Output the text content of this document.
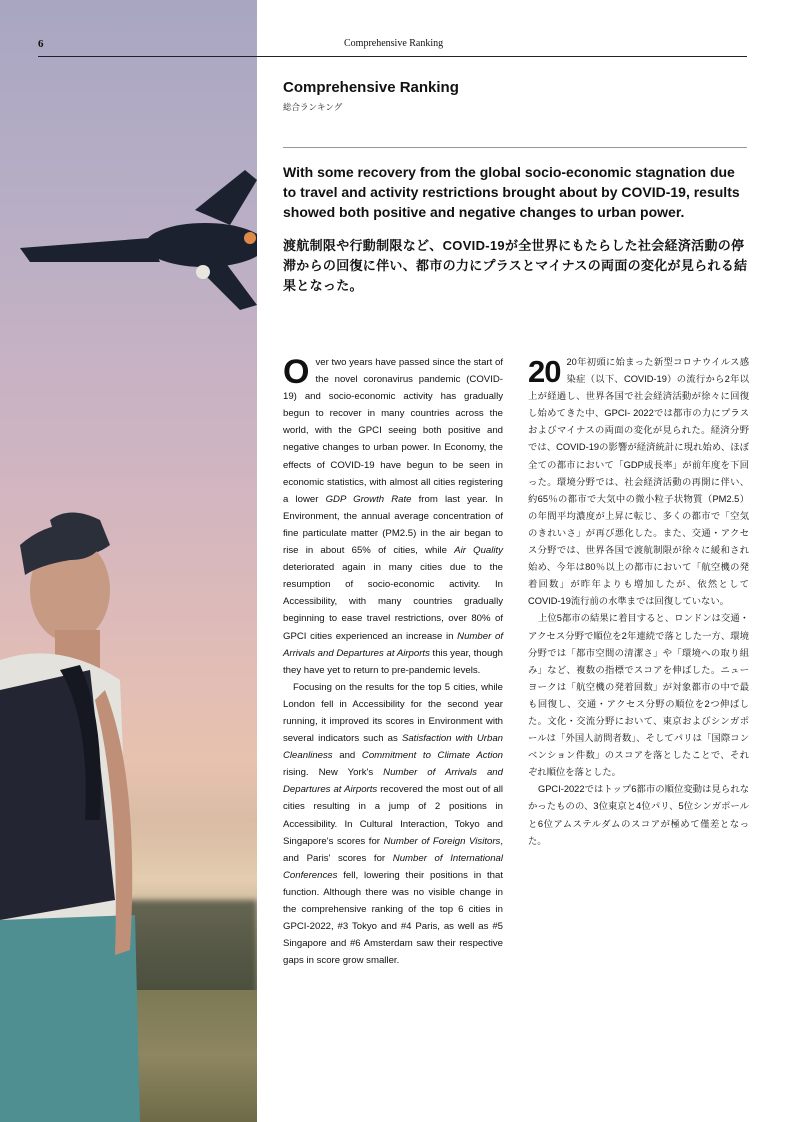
6	Comprehensive Ranking
Comprehensive Ranking
総合ランキング
With some recovery from the global socio-economic stagnation due to travel and activity restrictions brought about by COVID-19, results showed both positive and negative changes to urban power.
渡航制限や行動制限など、COVID-19が全世界にもたらした社会経済活動の停滞からの回復に伴い、都市の力にプラスとマイナスの両面の変化が見られる結果となった。

Over two years have passed since the start of the novel coronavirus pandemic (COVID-19) and socio-economic activity has gradually begun to recover in many countries across the world, with the GPCI seeing both positive and negative changes to urban power. In Economy, the effects of COVID-19 have begun to be seen in economic statistics, with almost all cities registering a lower GDP Growth Rate from last year. In Environment, the annual average concentration of fine particulate matter (PM2.5) in the air began to rise in about 65% of cities, while Air Quality deteriorated again in many cities due to the resumption of socio-economic activity. In Accessibility, with many countries gradually beginning to ease travel restrictions, over 80% of GPCI cities experienced an increase in Number of Arrivals and Departures at Airports this year, though they have yet to return to pre-pandemic levels.

Focusing on the results for the top 5 cities, while London fell in Accessibility for the second year running, it improved its scores in Environment with several indicators such as Satisfaction with Urban Cleanliness and Commitment to Climate Action rising. New York's Number of Arrivals and Departures at Airports recovered the most out of all cities resulting in a jump of 2 positions in Accessibility. In Cultural Interaction, Tokyo and Singapore's scores for Number of Foreign Visitors, and Paris' scores for Number of International Conferences fell, lowering their positions in that function. Although there was no visible change in the comprehensive ranking of the top 6 cities in GPCI-2022, #3 Tokyo and #4 Paris, as well as #5 Singapore and #6 Amsterdam saw their respective gaps in score grow smaller.

20 20年初頭に始まった新型コロナウイルス感染症（以下、COVID-19）の流行から2年以上が経過し、世界各国で社会経済活動が徐々に回復し始めてきた中、GPCI- 2022では都市の力にプラスおよびマイナスの両面の変化が見られた。経済分野では、COVID-19の影響が経済統計に現れ始め、ほぼ全ての都市において「GDP成長率」が前年度を下回った。環境分野では、社会経済活動の再開に伴い、約65％の都市で大気中の微小粒子状物質（PM2.5）の年間平均濃度が上昇に転じ、多くの都市で「空気のきれいさ」が再び悪化した。また、交通・アクセス分野では、世界各国で渡航制限が徐々に緩和され始め、今年は80％以上の都市において「航空機の発着回数」が昨年よりも増加したが、依然としてCOVID-19流行前の水準までは回復していない。

上位5都市の結果に着目すると、ロンドンは交通・アクセス分野で順位を2年連続で落とした一方、環境分野では「都市空間の清潔さ」や「環境への取り組み」など、複数の指標でスコアを伸ばした。ニューヨークは「航空機の発着回数」が対象都市の中で最も回復し、交通・アクセス分野の順位を2つ伸ばした。文化・交流分野において、東京およびシンガポールは「外国人訪問者数」、そしてパリは「国際コンベンション件数」のスコアを落としたことで、それぞれ順位を落とした。

GPCI-2022ではトップ6都市の順位変動は見られなかったものの、3位東京と4位パリ、5位シンガポールと6位アムステルダムのスコアが極めて僅差となった。
